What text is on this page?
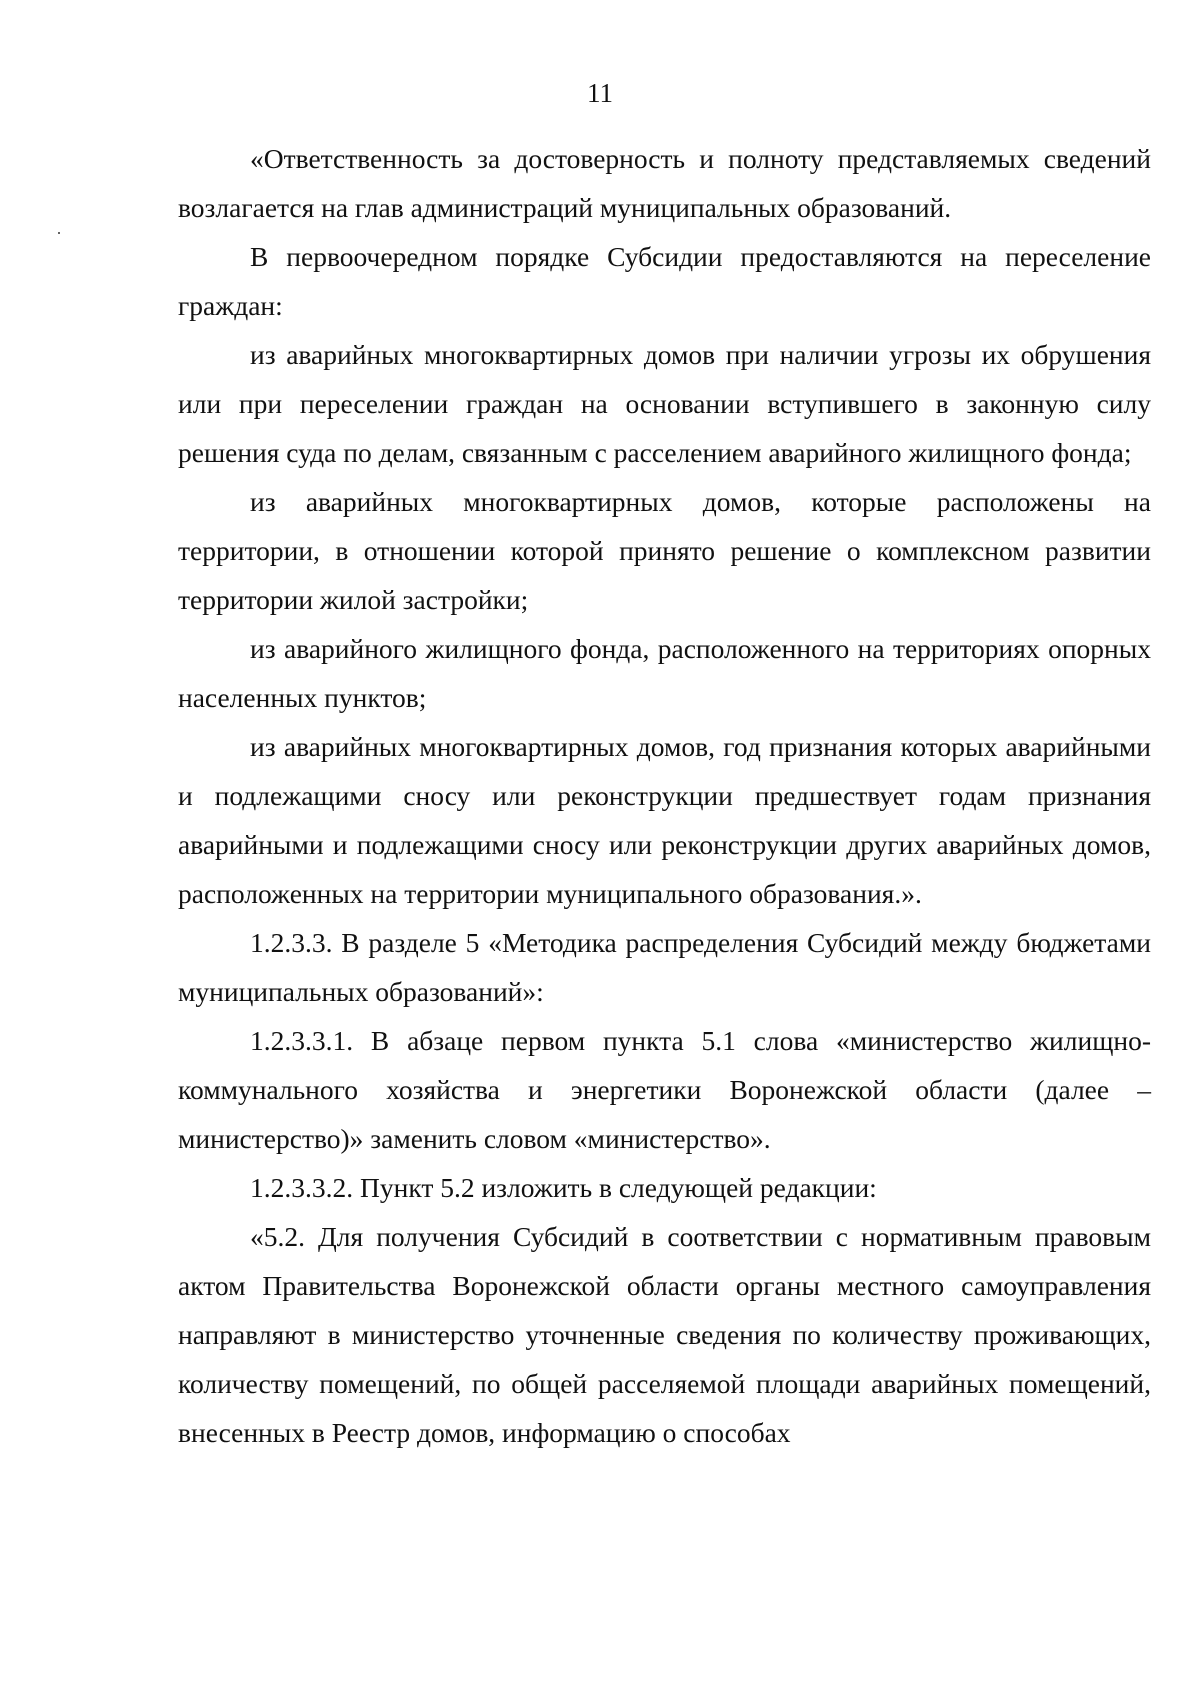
11

«Ответственность за достоверность и полноту представляемых сведений возлагается на глав администраций муниципальных образований.

В первоочередном порядке Субсидии предоставляются на переселение граждан:

из аварийных многоквартирных домов при наличии угрозы их обрушения или при переселении граждан на основании вступившего в законную силу решения суда по делам, связанным с расселением аварийного жилищного фонда;

из аварийных многоквартирных домов, которые расположены на территории, в отношении которой принято решение о комплексном развитии территории жилой застройки;

из аварийного жилищного фонда, расположенного на территориях опорных населенных пунктов;

из аварийных многоквартирных домов, год признания которых аварийными и подлежащими сносу или реконструкции предшествует годам признания аварийными и подлежащими сносу или реконструкции других аварийных домов, расположенных на территории муниципального образования.».

1.2.3.3. В разделе 5 «Методика распределения Субсидий между бюджетами муниципальных образований»:

1.2.3.3.1. В абзаце первом пункта 5.1 слова «министерство жилищно-коммунального хозяйства и энергетики Воронежской области (далее – министерство)» заменить словом «министерство».

1.2.3.3.2. Пункт 5.2 изложить в следующей редакции:

«5.2. Для получения Субсидий в соответствии с нормативным правовым актом Правительства Воронежской области органы местного самоуправления направляют в министерство уточненные сведения по количеству проживающих, количеству помещений, по общей расселяемой площади аварийных помещений, внесенных в Реестр домов, информацию о способах
